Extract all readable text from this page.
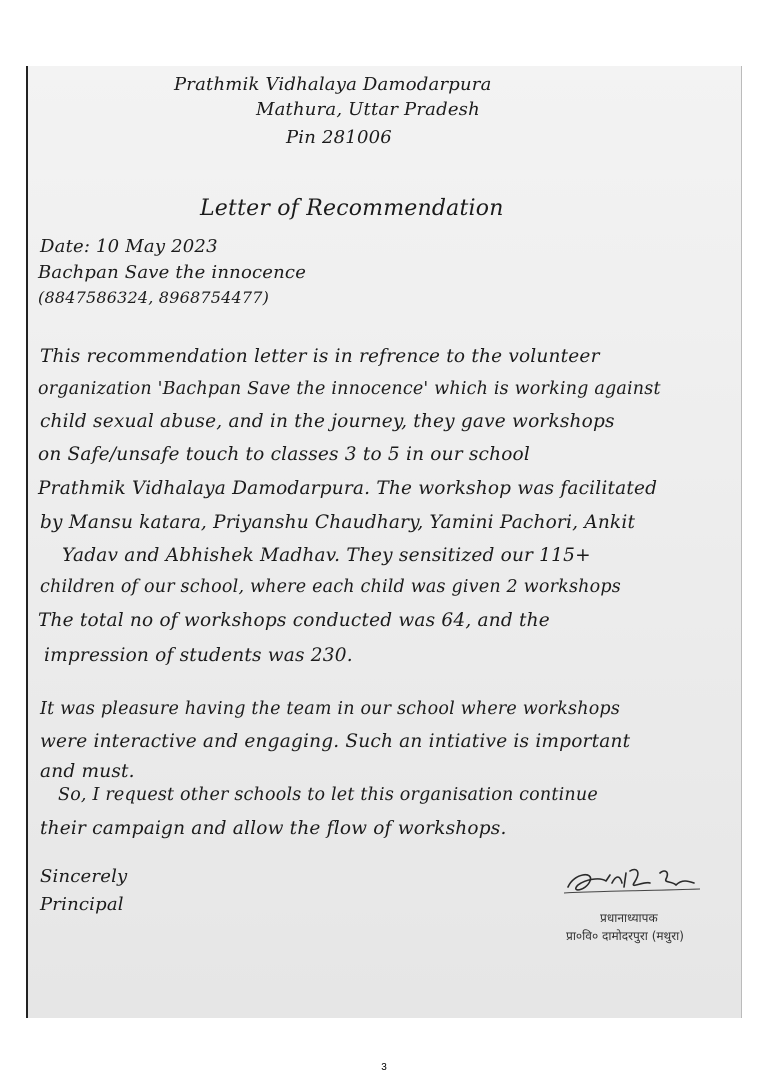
Prathmik Vidhalaya Damodarpura
Mathura, Uttar Pradesh
Pin 281006
Letter of Recommendation
Date: 10 May 2023
Bachpan Save the innocence
(8847586324, 8968754477)
This recommendation letter is in refrence to the volunteer
organization 'Bachpan Save the innocence' which is working against
child sexual abuse, and in the journey, they gave workshops
on Safe/unsafe touch to classes 3 to 5 in our school
Prathmik Vidhalaya Damodarpura. The workshop was facilitated
by Mansu katara, Priyanshu Chaudhary, Yamini Pachori, Ankit
Yadav and Abhishek Madhav. They sensitized our 115+
children of our school, where each child was given 2 workshops
The total no of workshops conducted was 64, and the
impression of students was 230.
It was pleasure having the team in our school where workshops
were interactive and engaging. Such an intiative is important
and must.
So, I request other schools to let this organisation continue
their campaign and allow the flow of workshops.
Sincerely
Principal
प्रधानाध्यापक
प्रा०वि० दामोदरपुरा (मथुरा)
3
